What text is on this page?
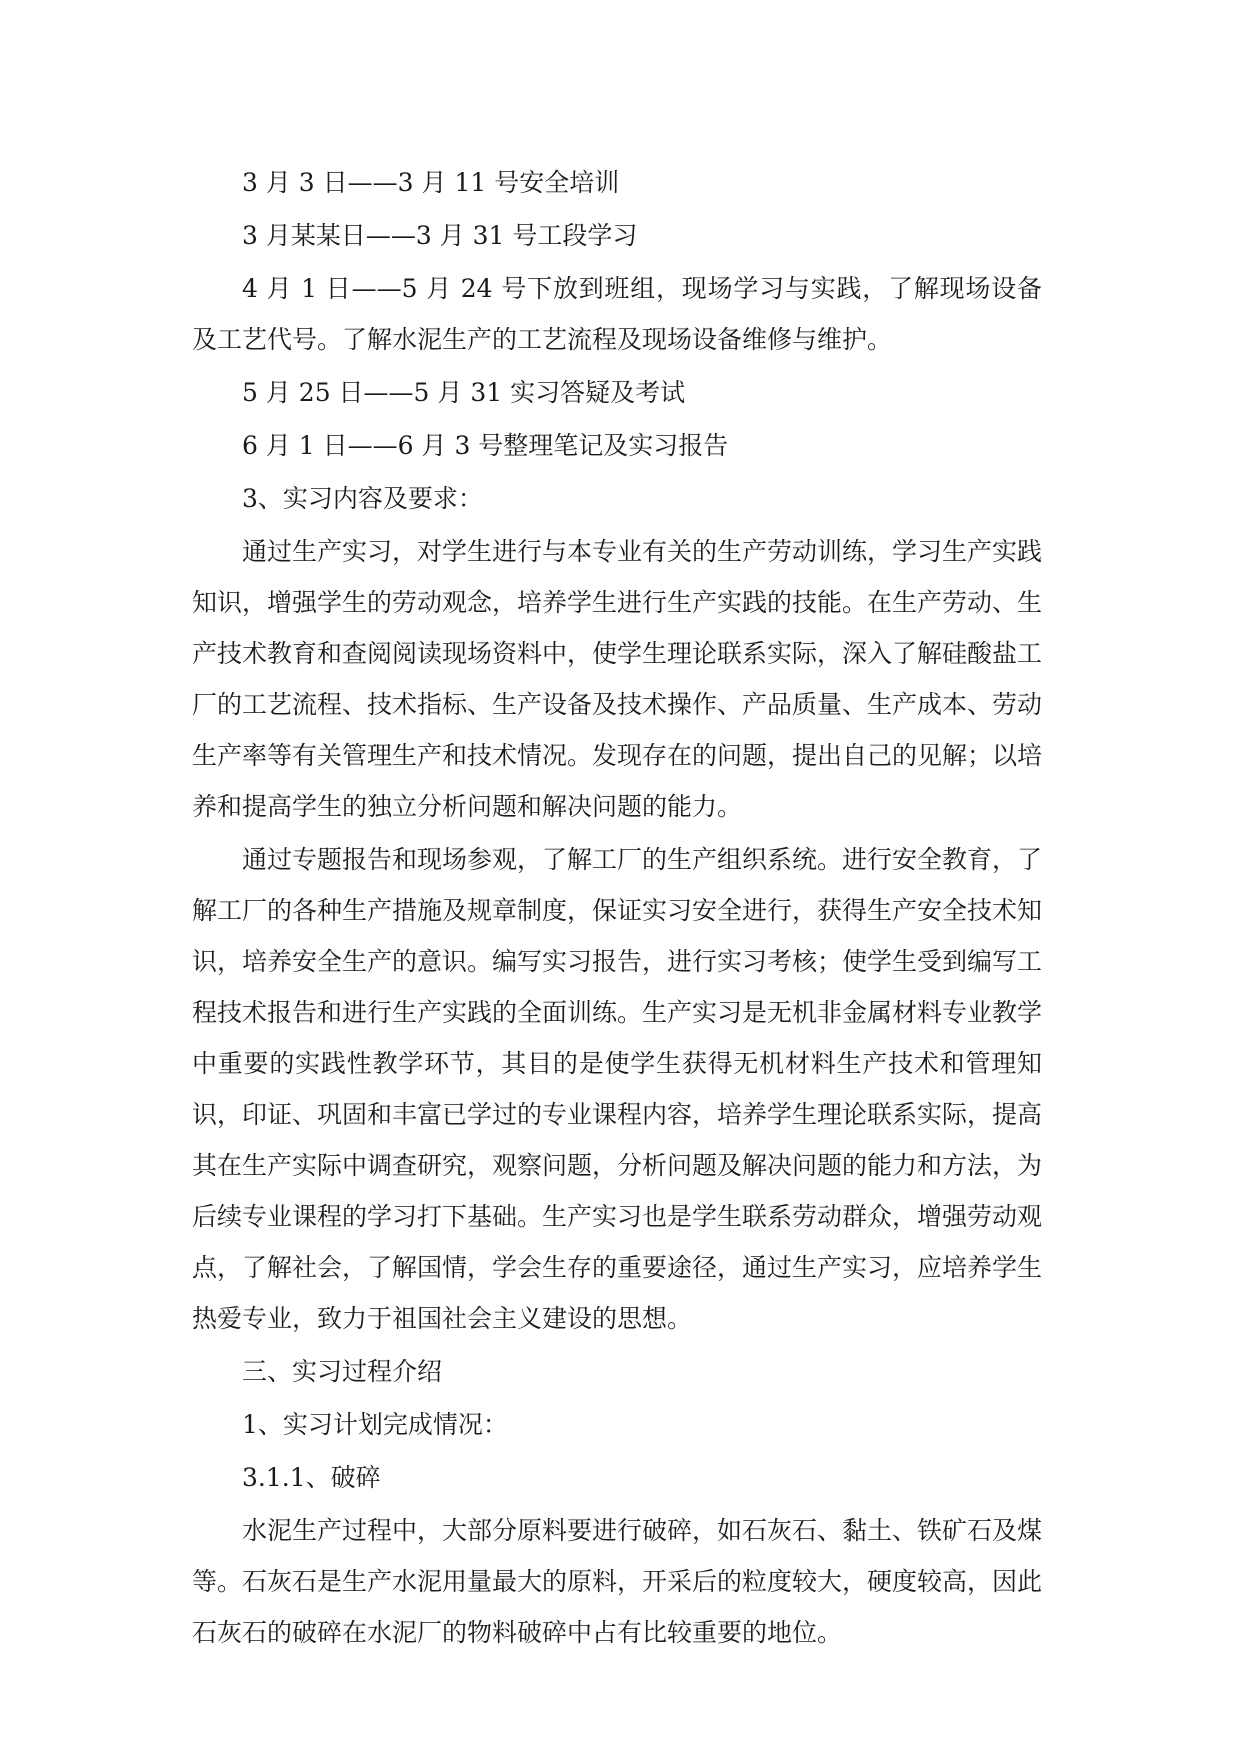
3 月 3 日——3 月 11 号安全培训

3 月某某日——3 月 31 号工段学习

4 月 1 日——5 月 24 号下放到班组，现场学习与实践，了解现场设备及工艺代号。了解水泥生产的工艺流程及现场设备维修与维护。

5 月 25 日——5 月 31 实习答疑及考试

6 月 1 日——6 月 3 号整理笔记及实习报告

3、实习内容及要求：

通过生产实习，对学生进行与本专业有关的生产劳动训练，学习生产实践知识，增强学生的劳动观念，培养学生进行生产实践的技能。在生产劳动、生产技术教育和查阅阅读现场资料中，使学生理论联系实际，深入了解硅酸盐工厂的工艺流程、技术指标、生产设备及技术操作、产品质量、生产成本、劳动生产率等有关管理生产和技术情况。发现存在的问题，提出自己的见解；以培养和提高学生的独立分析问题和解决问题的能力。

通过专题报告和现场参观，了解工厂的生产组织系统。进行安全教育，了解工厂的各种生产措施及规章制度，保证实习安全进行，获得生产安全技术知识，培养安全生产的意识。编写实习报告，进行实习考核；使学生受到编写工程技术报告和进行生产实践的全面训练。生产实习是无机非金属材料专业教学中重要的实践性教学环节，其目的是使学生获得无机材料生产技术和管理知识，印证、巩固和丰富已学过的专业课程内容，培养学生理论联系实际，提高其在生产实际中调查研究，观察问题，分析问题及解决问题的能力和方法，为后续专业课程的学习打下基础。生产实习也是学生联系劳动群众，增强劳动观点，了解社会，了解国情，学会生存的重要途径，通过生产实习，应培养学生热爱专业，致力于祖国社会主义建设的思想。

三、实习过程介绍

1、实习计划完成情况：

3.1.1、破碎

水泥生产过程中，大部分原料要进行破碎，如石灰石、黏土、铁矿石及煤等。石灰石是生产水泥用量最大的原料，开采后的粒度较大，硬度较高，因此石灰石的破碎在水泥厂的物料破碎中占有比较重要的地位。
